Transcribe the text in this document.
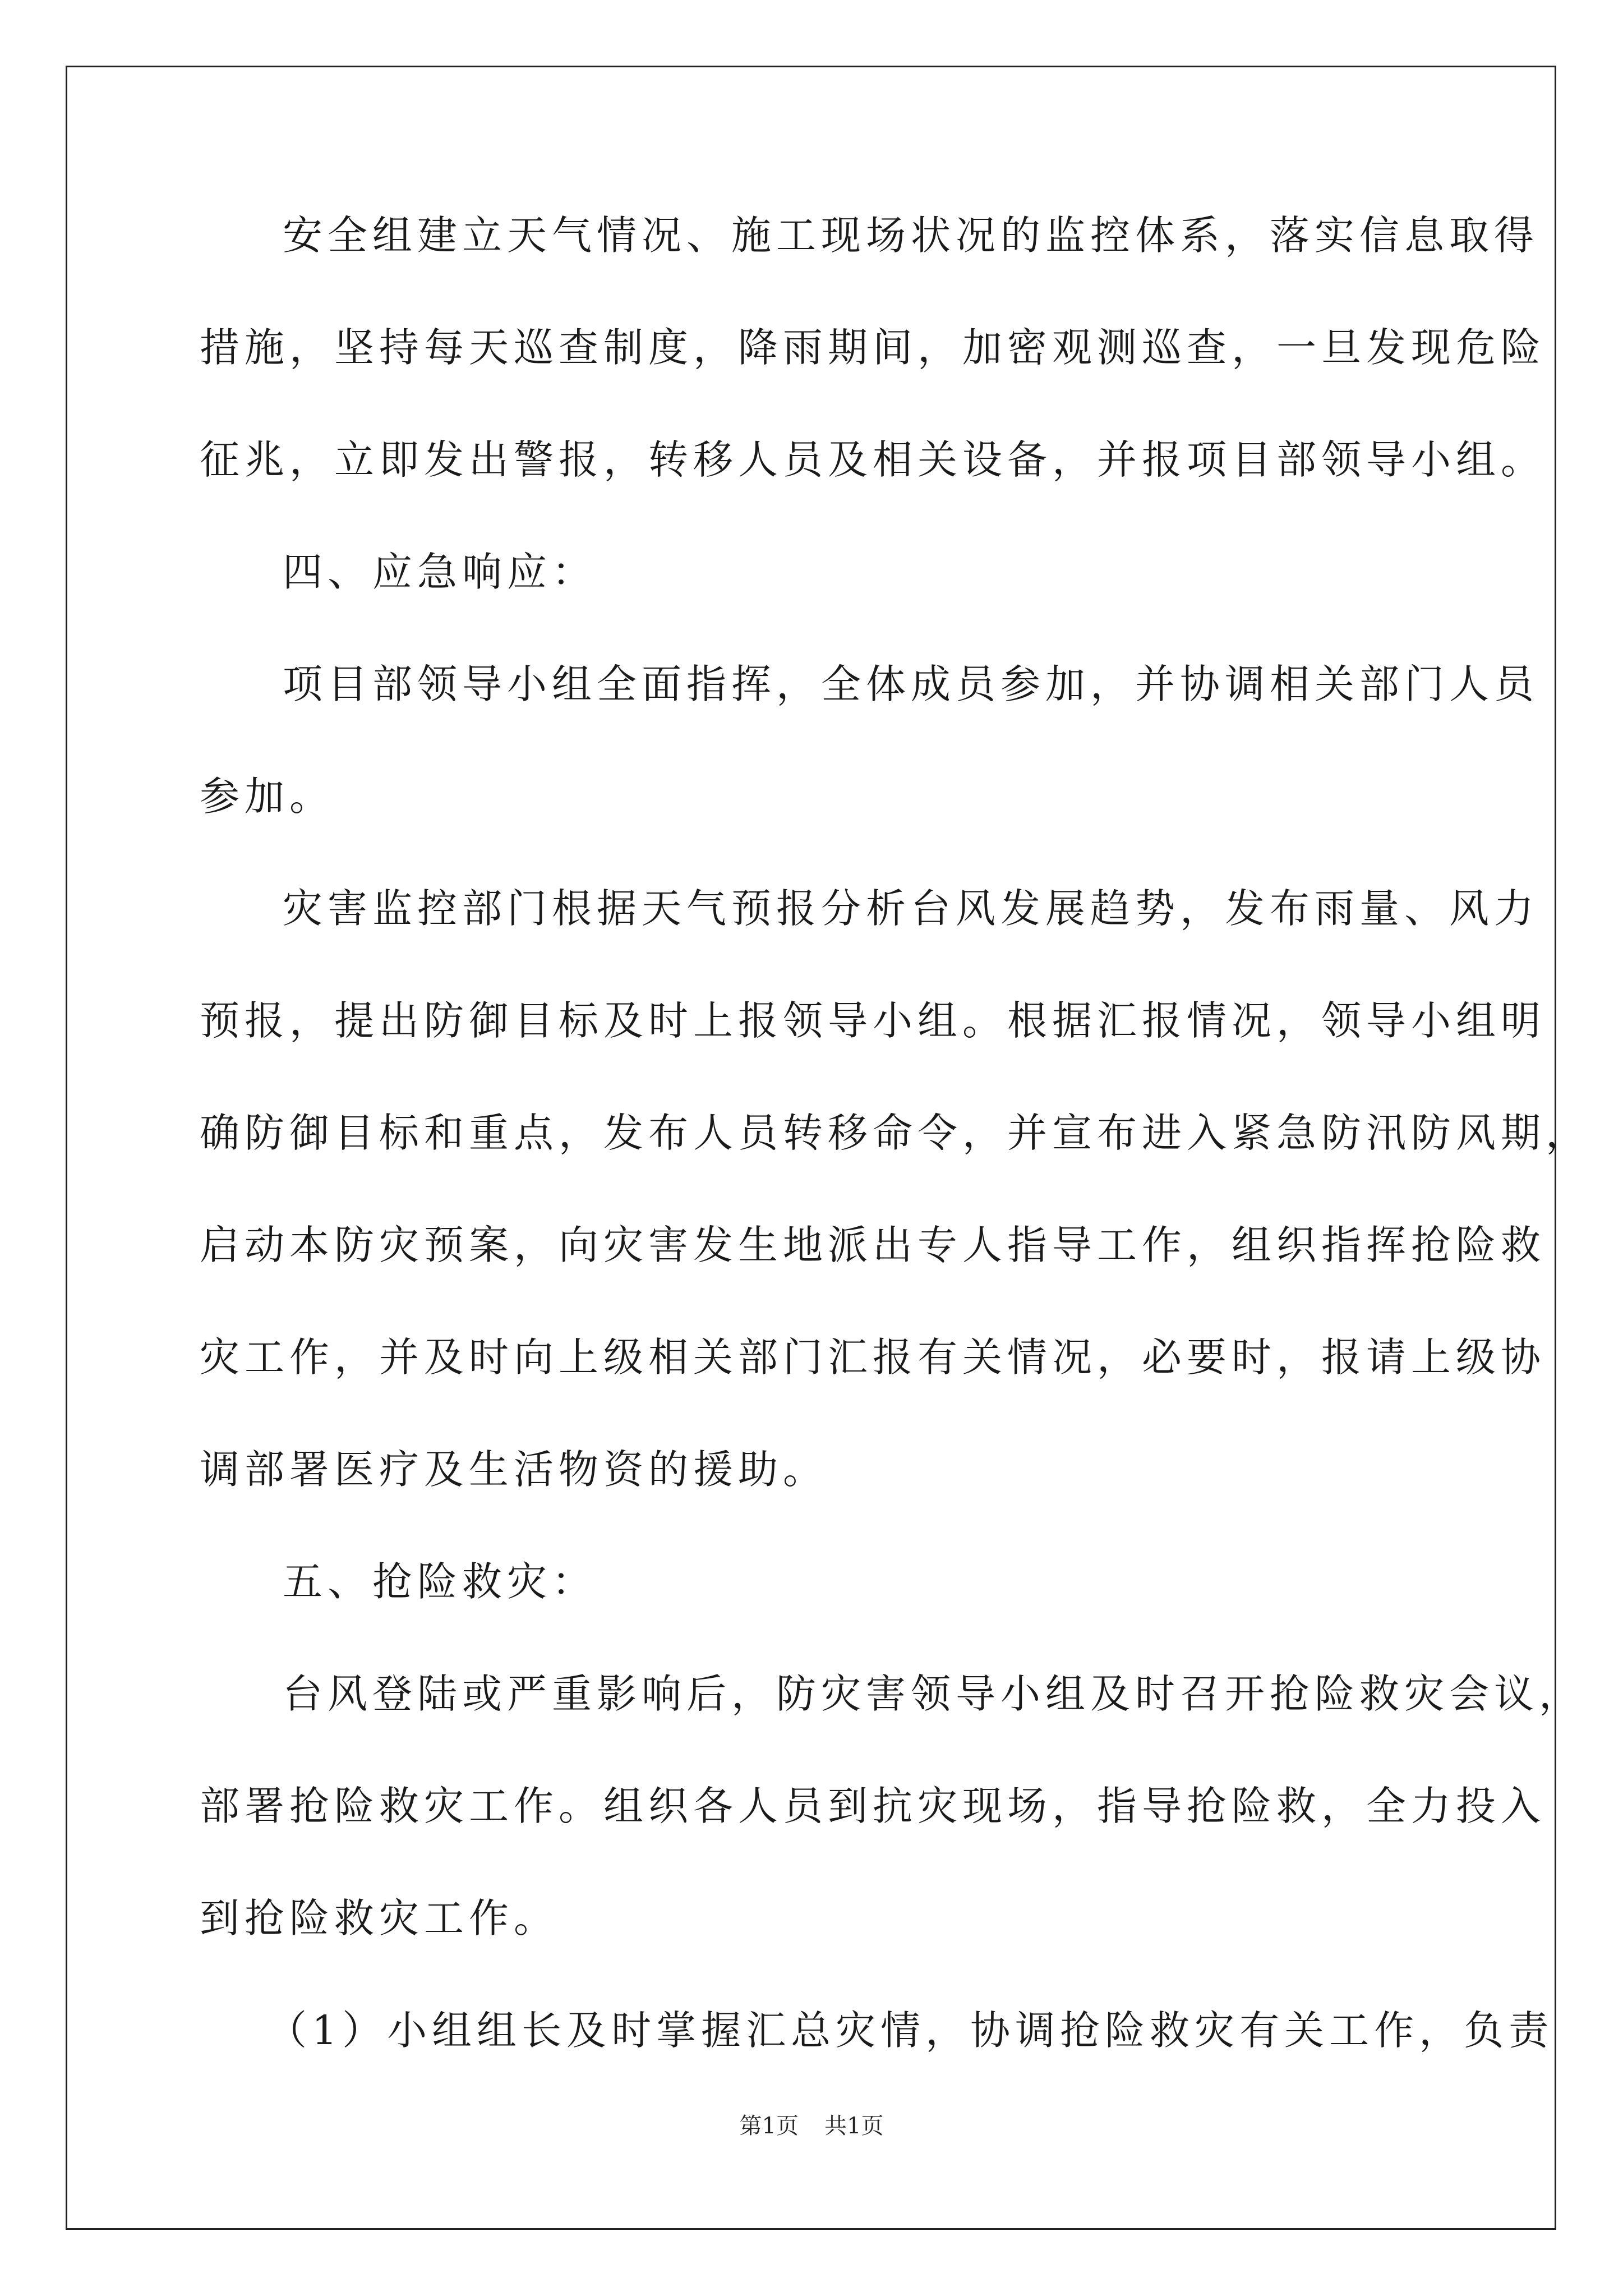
安全组建立天气情况、施工现场状况的监控体系，落实信息取得
措施，坚持每天巡查制度，降雨期间，加密观测巡查，一旦发现危险
征兆，立即发出警报，转移人员及相关设备，并报项目部领导小组。
四、应急响应：
项目部领导小组全面指挥，全体成员参加，并协调相关部门人员
参加。
灾害监控部门根据天气预报分析台风发展趋势，发布雨量、风力
预报，提出防御目标及时上报领导小组。根据汇报情况，领导小组明
确防御目标和重点，发布人员转移命令，并宣布进入紧急防汛防风期，
启动本防灾预案，向灾害发生地派出专人指导工作，组织指挥抢险救
灾工作，并及时向上级相关部门汇报有关情况，必要时，报请上级协
调部署医疗及生活物资的援助。
五、抢险救灾：
台风登陆或严重影响后，防灾害领导小组及时召开抢险救灾会议，
部署抢险救灾工作。组织各人员到抗灾现场，指导抢险救，全力投入
到抢险救灾工作。
（1）小组组长及时掌握汇总灾情，协调抢险救灾有关工作，负责
第1页 共1页
